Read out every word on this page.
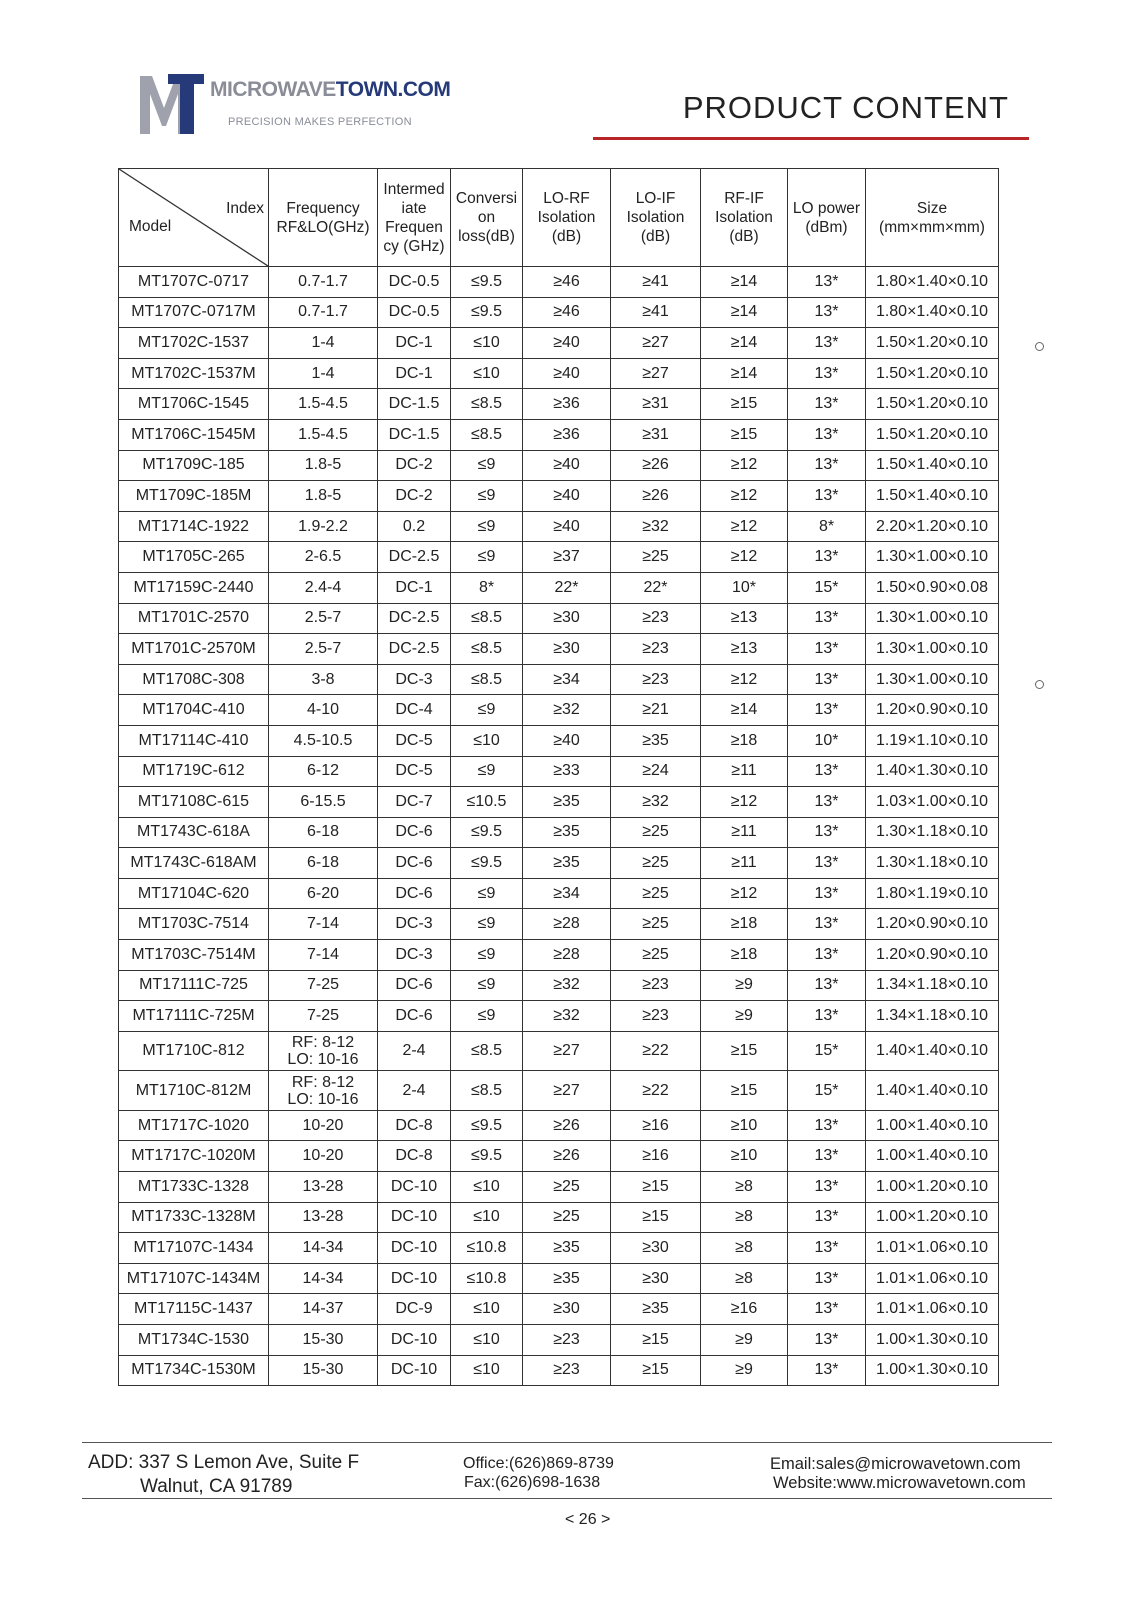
MICROWAVETOWN.COM
PRECISION MAKES PERFECTION	PRODUCT CONTENT
Index
Model	Frequency RF&LO(GHz)	Intermed iate Frequen cy (GHz)	Conversi on loss(dB)	LO-RF Isolation (dB)	LO-IF Isolation (dB)	RF-IF Isolation (dB)	LO power (dBm)	Size (mm×mm×mm)
MT1707C-0717	0.7-1.7	DC-0.5	≤9.5	≥46	≥41	≥14	13*	1.80×1.40×0.10
MT1707C-0717M	0.7-1.7	DC-0.5	≤9.5	≥46	≥41	≥14	13*	1.80×1.40×0.10
MT1702C-1537	1-4	DC-1	≤10	≥40	≥27	≥14	13*	1.50×1.20×0.10
MT1702C-1537M	1-4	DC-1	≤10	≥40	≥27	≥14	13*	1.50×1.20×0.10
MT1706C-1545	1.5-4.5	DC-1.5	≤8.5	≥36	≥31	≥15	13*	1.50×1.20×0.10
MT1706C-1545M	1.5-4.5	DC-1.5	≤8.5	≥36	≥31	≥15	13*	1.50×1.20×0.10
MT1709C-185	1.8-5	DC-2	≤9	≥40	≥26	≥12	13*	1.50×1.40×0.10
MT1709C-185M	1.8-5	DC-2	≤9	≥40	≥26	≥12	13*	1.50×1.40×0.10
MT1714C-1922	1.9-2.2	0.2	≤9	≥40	≥32	≥12	8*	2.20×1.20×0.10
MT1705C-265	2-6.5	DC-2.5	≤9	≥37	≥25	≥12	13*	1.30×1.00×0.10
MT17159C-2440	2.4-4	DC-1	8*	22*	22*	10*	15*	1.50×0.90×0.08
MT1701C-2570	2.5-7	DC-2.5	≤8.5	≥30	≥23	≥13	13*	1.30×1.00×0.10
MT1701C-2570M	2.5-7	DC-2.5	≤8.5	≥30	≥23	≥13	13*	1.30×1.00×0.10
MT1708C-308	3-8	DC-3	≤8.5	≥34	≥23	≥12	13*	1.30×1.00×0.10
MT1704C-410	4-10	DC-4	≤9	≥32	≥21	≥14	13*	1.20×0.90×0.10
MT17114C-410	4.5-10.5	DC-5	≤10	≥40	≥35	≥18	10*	1.19×1.10×0.10
MT1719C-612	6-12	DC-5	≤9	≥33	≥24	≥11	13*	1.40×1.30×0.10
MT17108C-615	6-15.5	DC-7	≤10.5	≥35	≥32	≥12	13*	1.03×1.00×0.10
MT1743C-618A	6-18	DC-6	≤9.5	≥35	≥25	≥11	13*	1.30×1.18×0.10
MT1743C-618AM	6-18	DC-6	≤9.5	≥35	≥25	≥11	13*	1.30×1.18×0.10
MT17104C-620	6-20	DC-6	≤9	≥34	≥25	≥12	13*	1.80×1.19×0.10
MT1703C-7514	7-14	DC-3	≤9	≥28	≥25	≥18	13*	1.20×0.90×0.10
MT1703C-7514M	7-14	DC-3	≤9	≥28	≥25	≥18	13*	1.20×0.90×0.10
MT17111C-725	7-25	DC-6	≤9	≥32	≥23	≥9	13*	1.34×1.18×0.10
MT17111C-725M	7-25	DC-6	≤9	≥32	≥23	≥9	13*	1.34×1.18×0.10
MT1710C-812	RF: 8-12
LO: 10-16	2-4	≤8.5	≥27	≥22	≥15	15*	1.40×1.40×0.10
MT1710C-812M	RF: 8-12
LO: 10-16	2-4	≤8.5	≥27	≥22	≥15	15*	1.40×1.40×0.10
MT1717C-1020	10-20	DC-8	≤9.5	≥26	≥16	≥10	13*	1.00×1.40×0.10
MT1717C-1020M	10-20	DC-8	≤9.5	≥26	≥16	≥10	13*	1.00×1.40×0.10
MT1733C-1328	13-28	DC-10	≤10	≥25	≥15	≥8	13*	1.00×1.20×0.10
MT1733C-1328M	13-28	DC-10	≤10	≥25	≥15	≥8	13*	1.00×1.20×0.10
MT17107C-1434	14-34	DC-10	≤10.8	≥35	≥30	≥8	13*	1.01×1.06×0.10
MT17107C-1434M	14-34	DC-10	≤10.8	≥35	≥30	≥8	13*	1.01×1.06×0.10
MT17115C-1437	14-37	DC-9	≤10	≥30	≥35	≥16	13*	1.01×1.06×0.10
MT1734C-1530	15-30	DC-10	≤10	≥23	≥15	≥9	13*	1.00×1.30×0.10
MT1734C-1530M	15-30	DC-10	≤10	≥23	≥15	≥9	13*	1.00×1.30×0.10
ADD: 337 S Lemon Ave, Suite F
Walnut, CA 91789
Office:(626)869-8739
Fax:(626)698-1638
Email:sales@microwavetown.com
Website:www.microwavetown.com
< 26 >
